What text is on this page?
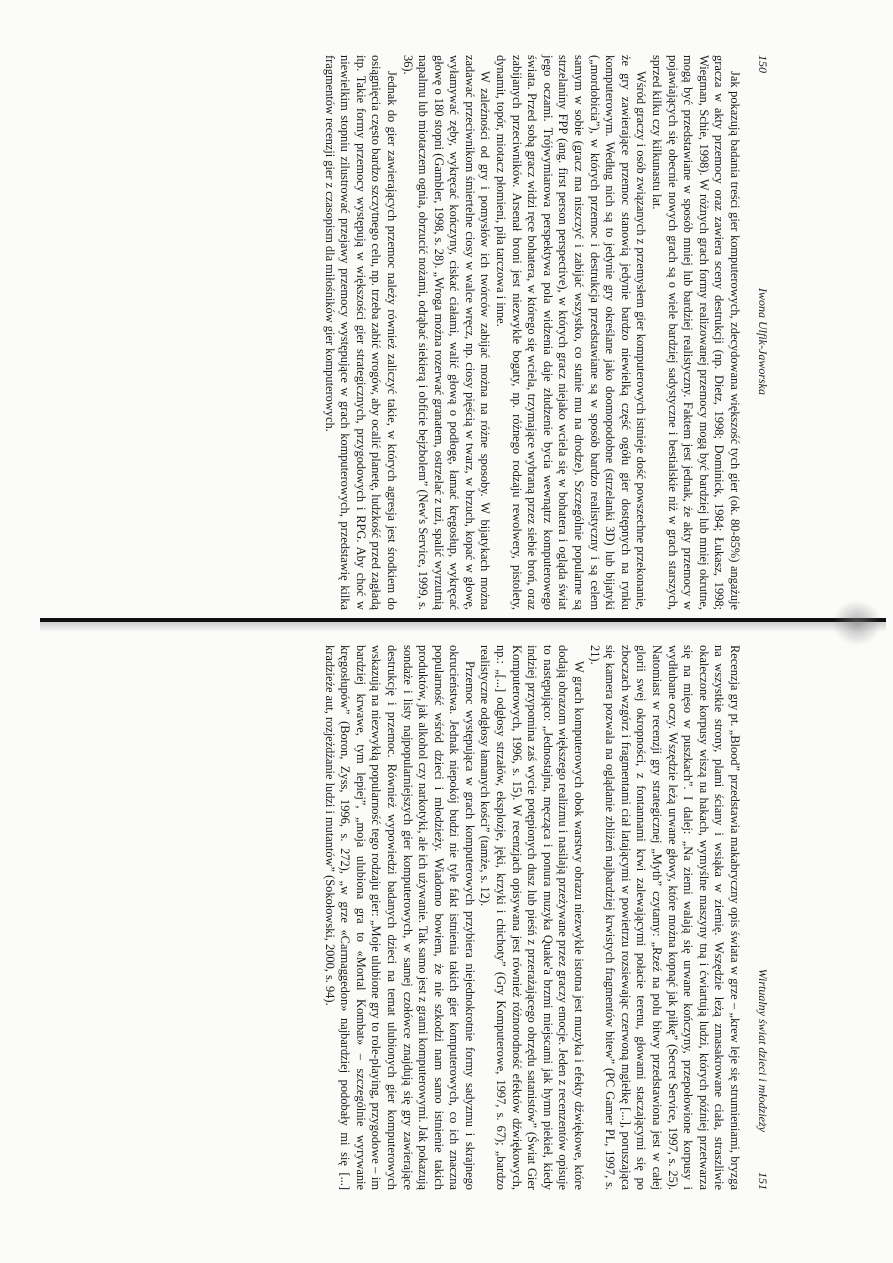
150
Iwona Ulfik-Jaworska

Jak pokazują badania treści gier komputerowych, zdecydowana większość tych gier (ok. 80-85%) angażuje gracza w akty przemocy oraz zawiera sceny destrukcji (np. Dietz, 1998; Dominick, 1984; Łukasz, 1998; Wiegman, Schie, 1998). W różnych grach formy realizowanej przemocy mogą być bardziej lub mniej okrutne, mogą być przedstawiane w sposób mniej lub bardziej realistyczny. Faktem jest jednak, że akty przemocy w pojawiających się obecnie nowych grach są o wiele bardziej sadystyczne i bestialskie niż w grach starszych, sprzed kilku czy kilkunastu lat.

Wśród graczy i osób związanych z przemysłem gier komputerowych istnieje dość powszechne przekonanie, że gry zawierające przemoc stanowią jedynie bardzo niewielką część ogółu gier dostępnych na rynku komputerowym. Według nich są to jedynie gry określane jako doomopodobne (strzelanki 3D) lub bijatyki („mordobicia”), w których przemoc i destrukcja przedstawiane są w sposób bardzo realistyczny i są celem samym w sobie (gracz ma niszczyć i zabijać wszystko, co stanie mu na drodze). Szczególnie popularne są strzelaniny FPP (ang. first person perspective), w których gracz niejako wciela się w bohatera i ogląda świat jego oczami. Trójwymiarowa perspektywa pola widzenia daje złudzenie bycia wewnątrz komputerowego świata. Przed sobą gracz widzi ręce bohatera, w którego się wciela, trzymające wybraną przez siebie broń, oraz zabijanych przeciwników. Arsenał broni jest niezwykle bogaty, np. różnego rodzaju rewolwery, pistolety, dynamit, topór, miotacz płomieni, piła tarczowa i inne.

W zależności od gry i pomysłów ich twórców zabijać można na różne sposoby. W bijatykach można zadawać przeciwnikom śmiertelne ciosy w walce wręcz, np. ciosy pięścią w twarz, w brzuch, kopać w głowę, wyłamywać zęby, wykręcać kończyny, ciskać ciałami, walić głową o podłogę, łamać kręgosłup, wykręcać głowę o 180 stopni (Gambler, 1998, s. 28). „Wroga można rozerwać granatem, ostrzelać z uzi, spalić wyrzutnią napalmu lub miotaczem ognia, obrzucić nożami, odrąbać siekierą i obficie bejzbolem” (New's Service, 1999, s. 36).

Jednak do gier zawierających przemoc należy również zaliczyć takie, w których agresja jest środkiem do osiągnięcia często bardzo szczytnego celu, np. trzeba zabić wrogów, aby ocalić planetę, ludzkość przed zagładą itp. Takie formy przemocy występują w większości gier strategicznych, przygodowych i RPG. Aby choć w niewielkim stopniu zilustrować przejawy przemocy występujące w grach komputerowych, przedstawię kilka fragmentów recenzji gier z czasopism dla miłośników gier komputerowych.

Wirtualny świat dzieci i młodzieży
151

Recenzja gry pt. „Blood” przedstawia makabryczny opis świata w grze – „krew leje się strumieniami, bryzga na wszystkie strony, plami ściany i wsiąka w ziemię. Wszędzie leżą zmasakrowane ciała, straszliwie okaleczone korpusy wiszą na hakach, wymyślne maszyny tną i ćwiartują ludzi, których później przetwarza się na mięso w puszkach”. I dalej: „Na ziemi walają się urwane kończyny, przepołowione korpusy i wydłubane oczy. Wszędzie leżą urwane głowy, które można kopnąć jak piłkę” (Secret Service, 1997, s. 25). Natomiast w recenzji gry strategicznej „Myth” czytamy: „Rzeź na polu bitwy przedstawiona jest w całej glorii swej okropności, z fontannami krwi zalewającymi połacie terenu, głowami staczającymi się po zboczach wzgórz i fragmentami ciał latającymi w powietrzu rozsiewając czerwoną mgiełkę [...], poruszająca się kamera pozwala na oglądanie zbliżeń najbardziej krwistych fragmentów bitew” (PC Gamer PL, 1997, s. 21).

W grach komputerowych obok warstwy obrazu niezwykle istotna jest muzyka i efekty dźwiękowe, które dodają obrazom większego realizmu i nasilają przeżywane przez graczy emocje. Jeden z recenzentów opisuje to następująco: „Jednostajna, męcząca i ponura muzyka Quake'a brzmi miejscami jak hymn piekieł, kiedy indziej przypomina zaś wycie potępionych dusz lub pieśń z przerażającego obrzędu satanistów” (Świat Gier Komputerowych, 1996, s. 15). W recenzjach opisywana jest również różnorodność efektów dźwiękowych, np.: „[...] odgłosy strzałów, eksplozje, jęki, krzyki i chichoty” (Gry Komputerowe, 1997, s. 67); „bardzo realistyczne odgłosy łamanych kości” (tamże, s. 12).

Przemoc występująca w grach komputerowych przybiera niejednokrotnie formy sadyzmu i skrajnego okrucieństwa. Jednak niepokój budzi nie tyle fakt istnienia takich gier komputerowych, co ich znaczna popularność wśród dzieci i młodzieży. Wiadomo bowiem, że nie szkodzi nam samo istnienie takich produktów, jak alkohol czy narkotyki, ale ich używanie. Tak samo jest z grami komputerowymi. Jak pokazują sondaże i listy najpopularniejszych gier komputerowych, w samej czołówce znajdują się gry zawierające destrukcję i przemoc. Również wypowiedzi badanych dzieci na temat ulubionych gier komputerowych wskazują na niezwykłą popularność tego rodzaju gier: „Moje ulubione gry to role-playing, przygodowe – im bardziej krwawe, tym lepiej”, „moja ulubiona gra to «Mortal Kombat» – szczególnie wyrywanie kręgosłupów” (Boron, Zyss, 1996, s. 272), „w grze «Carmaggedon» najbardziej podobały mi się [...] kradzieże aut, rozjeżdżanie ludzi i mutantów” (Sokołowski, 2000, s. 94).
